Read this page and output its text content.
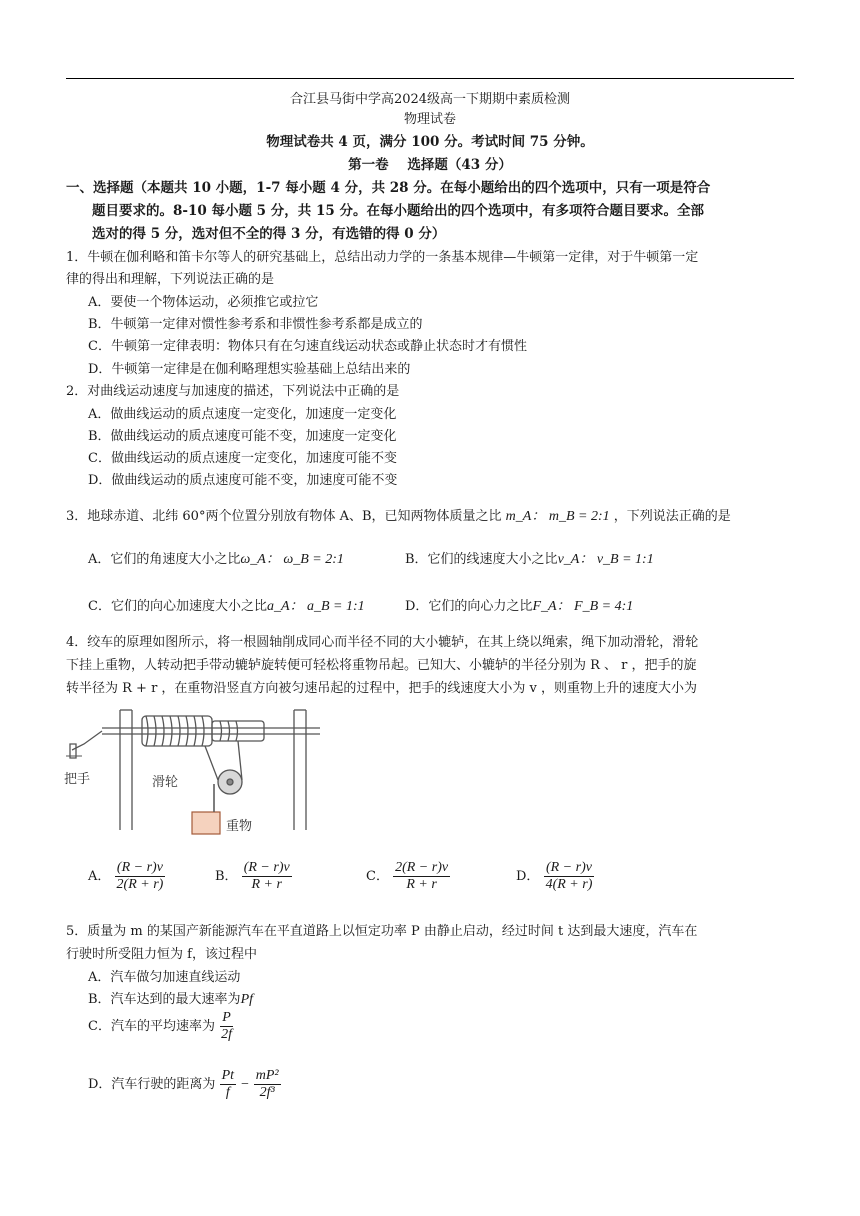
合江县马街中学高2024级高一下期期中素质检测
物理试卷
物理试卷共 4 页，满分 100 分。考试时间 75 分钟。
第一卷    选择题（43 分）
一、选择题（本题共 10 小题，1-7 每小题 4 分，共 28 分。在每小题给出的四个选项中，只有一项是符合
题目要求的。8-10 每小题 5 分，共 15 分。在每小题给出的四个选项中，有多项符合题目要求。全部
选对的得 5 分，选对但不全的得 3 分，有选错的得 0 分）
1．牛顿在伽利略和笛卡尔等人的研究基础上，总结出动力学的一条基本规律—牛顿第一定律，对于牛顿第一定
律的得出和理解，下列说法正确的是
A．要使一个物体运动，必须推它或拉它
B．牛顿第一定律对惯性参考系和非惯性参考系都是成立的
C．牛顿第一定律表明：物体只有在匀速直线运动状态或静止状态时才有惯性
D．牛顿第一定律是在伽利略理想实验基础上总结出来的
2．对曲线运动速度与加速度的描述，下列说法中正确的是
A．做曲线运动的质点速度一定变化，加速度一定变化
B．做曲线运动的质点速度可能不变，加速度一定变化
C．做曲线运动的质点速度一定变化，加速度可能不变
D．做曲线运动的质点速度可能不变，加速度可能不变
3．地球赤道、北纬 60°两个位置分别放有物体 A、B，已知两物体质量之比 m_A： m_B = 2:1 ，下列说法正确的是
A．它们的角速度大小之比ω_A： ω_B = 2:1	B．它们的线速度大小之比v_A： v_B = 1:1
C．它们的向心加速度大小之比a_A： a_B = 1:1	D．它们的向心力之比F_A： F_B = 4:1
4．绞车的原理如图所示，将一根圆轴削成同心而半径不同的大小辘轳，在其上绕以绳索，绳下加动滑轮，滑轮
下挂上重物，人转动把手带动辘轳旋转便可轻松将重物吊起。已知大、小辘轳的半径分别为 R 、 r ，把手的旋
转半径为 R + r ，在重物沿竖直方向被匀速吊起的过程中，把手的线速度大小为 v ，则重物上升的速度大小为
把手	滑轮
重物
A． $\frac{(R - r)v}{2(R + r)}$	B． $\frac{(R - r)v}{R + r}$	C． $\frac{2(R - r)v}{R + r}$	D． $\frac{(R - r)v}{4(R + r)}$
5．质量为 m 的某国产新能源汽车在平直道路上以恒定功率 P 由静止启动，经过时间 t 达到最大速度，汽车在
行驶时所受阻力恒为 f，该过程中
A．汽车做匀加速直线运动
B．汽车达到的最大速率为Pf
C．汽车的平均速率为 $\frac{P}{2f}$
D．汽车行驶的距离为 $\frac{Pt}{f} - \frac{\text{mP²}}{\text{2f³}}$
